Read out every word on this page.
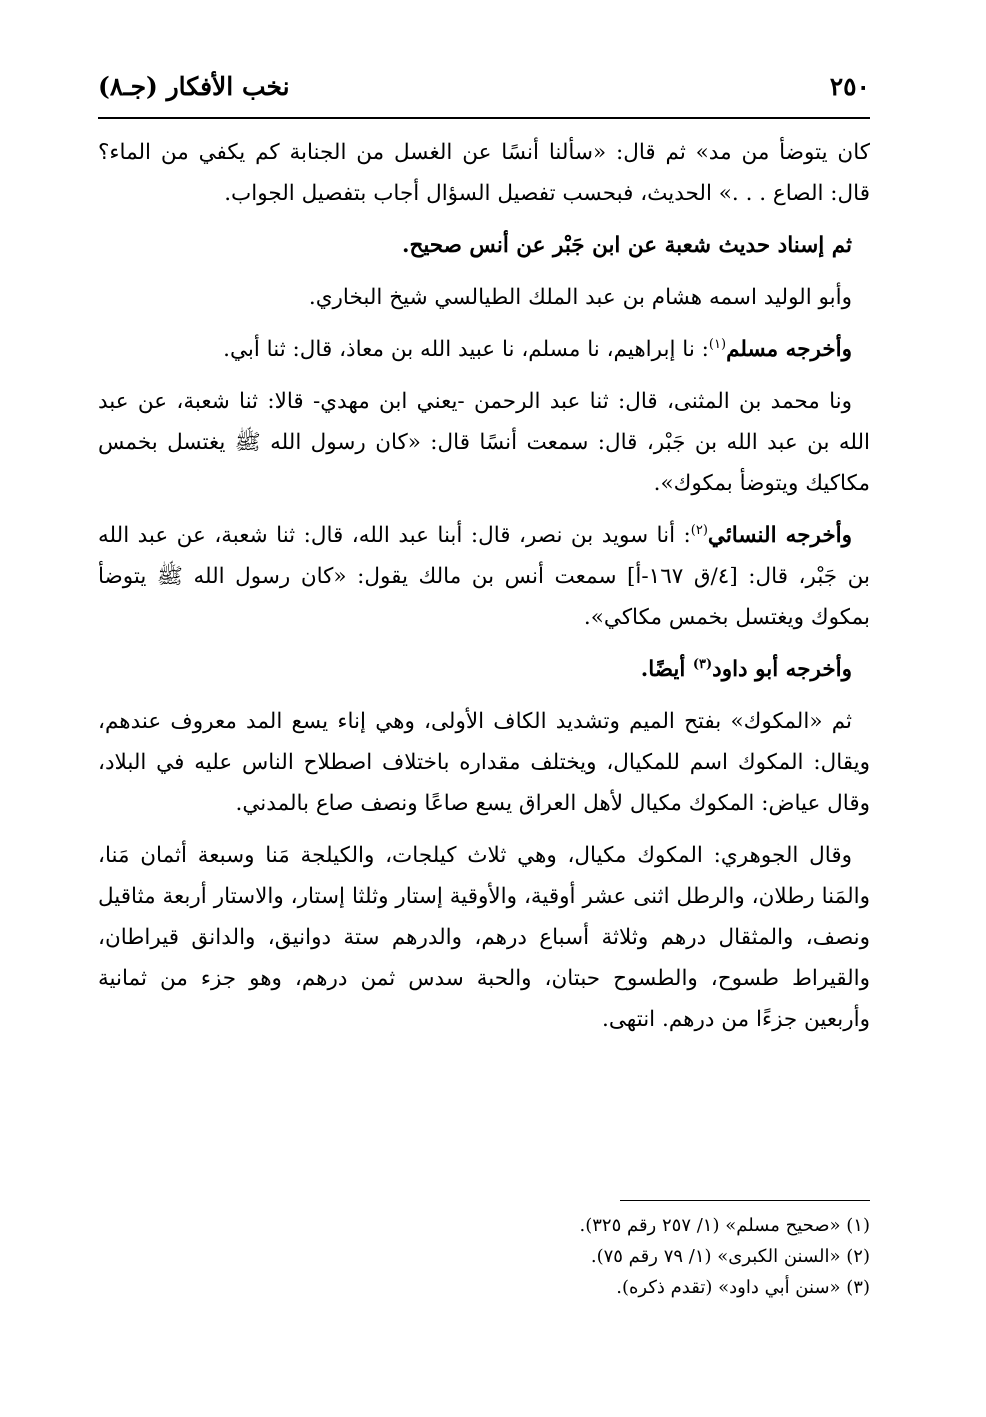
٢٥٠
نخب الأفكار (جـ٨)

كان يتوضأ من مد» ثم قال: «سألنا أنسًا عن الغسل من الجنابة كم يكفي من الماء؟ قال: الصاع . . .» الحديث، فبحسب تفصيل السؤال أجاب بتفصيل الجواب.

ثم إسناد حديث شعبة عن ابن جَبْر عن أنس صحيح.

وأبو الوليد اسمه هشام بن عبد الملك الطيالسي شيخ البخاري.

وأخرجه مسلم$^{(١)}$: نا إبراهيم، نا مسلم، نا عبيد الله بن معاذ، قال: ثنا أبي.

ونا محمد بن المثنى، قال: ثنا عبد الرحمن -يعني ابن مهدي- قالا: ثنا شعبة، عن عبد الله بن عبد الله بن جَبْر، قال: سمعت أنسًا قال: «كان رسول الله ﷺ يغتسل بخمس مكاكيك ويتوضأ بمكوك».

وأخرجه النسائي$^{(٢)}$: أنا سويد بن نصر، قال: أبنا عبد الله، قال: ثنا شعبة، عن عبد الله بن جَبْر، قال: [٤/ق ١٦٧-أ] سمعت أنس بن مالك يقول: «كان رسول الله ﷺ يتوضأ بمكوك ويغتسل بخمس مكاكي».

وأخرجه أبو داود$^{(٣)}$ أيضًا.

ثم «المكوك» بفتح الميم وتشديد الكاف الأولى، وهي إناء يسع المد معروف عندهم، ويقال: المكوك اسم للمكيال، ويختلف مقداره باختلاف اصطلاح الناس عليه في البلاد، وقال عياض: المكوك مكيال لأهل العراق يسع صاعًا ونصف صاع بالمدني.

وقال الجوهري: المكوك مكيال، وهي ثلاث كيلجات، والكيلجة مَنا وسبعة أثمان مَنا، والمَنا رطلان، والرطل اثنى عشر أوقية، والأوقية إستار وثلثا إستار، والاستار أربعة مثاقيل ونصف، والمثقال درهم وثلاثة أسباع درهم، والدرهم ستة دوانيق، والدانق قيراطان، والقيراط طسوح، والطسوح حبتان، والحبة سدس ثمن درهم، وهو جزء من ثمانية وأربعين جزءًا من درهم. انتهى.

(١) «صحيح مسلم» (١/ ٢٥٧ رقم ٣٢٥).
(٢) «السنن الكبرى» (١/ ٧٩ رقم ٧٥).
(٣) «سنن أبي داود» (تقدم ذكره).
